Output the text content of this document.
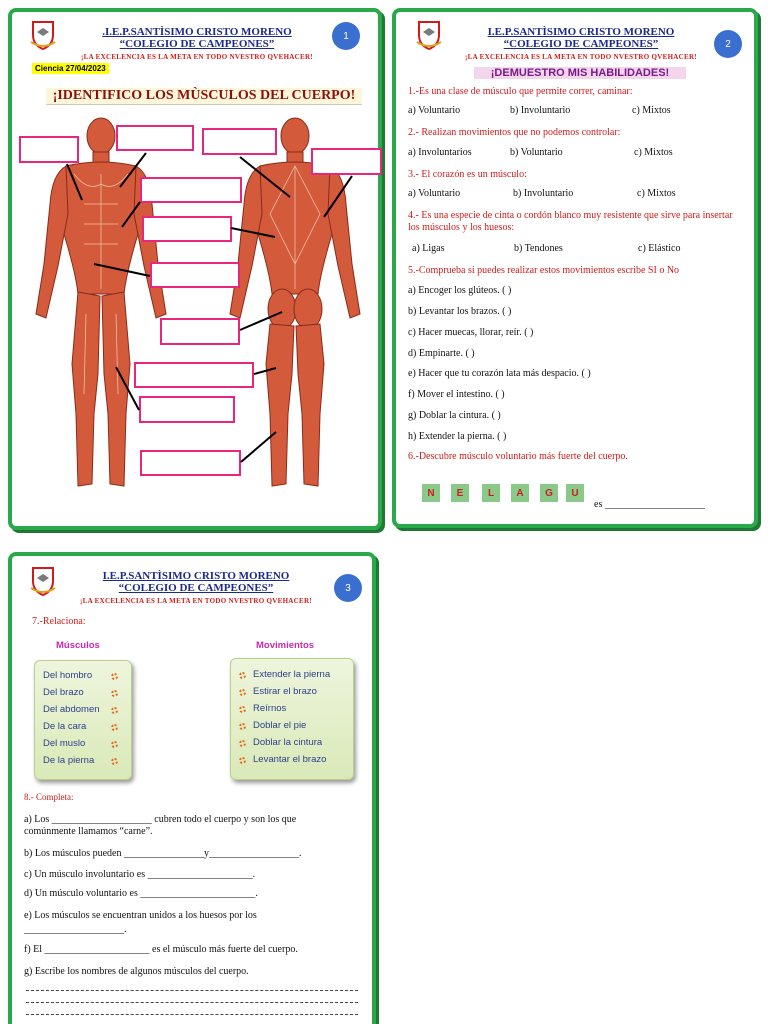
.I.E.P.SANTÌSIMO CRISTO MORENO
“COLEGIO DE CAMPEONES”
¡LA EXCELENCIA ES LA META EN TODO NVESTRO QVEHACER!
1
Ciencia 27/04/2023
¡IDENTIFICO LOS MÙSCULOS DEL CUERPO!
I.E.P.SANTÌSIMO CRISTO MORENO
“COLEGIO DE CAMPEONES”
¡LA EXCELENCIA ES LA META EN TODO NVESTRO QVEHACER!
2
¡DEMUESTRO MIS HABILIDADES!
1.-Es una clase de músculo que permite correr, caminar:
a) Voluntario	b) Involuntario	c) Mixtos
2.- Realizan movimientos que no podemos controlar:
a) Involuntarios	b) Voluntario	c) Mixtos
3.- El corazón es un músculo:
a) Voluntario	b) Involuntario	c) Mixtos
4.- Es una especie de cinta o cordón blanco muy resistente que sirve para insertar los músculos y los huesos:
a) Ligas	b) Tendones	c) Elástico
5.-Comprueba si puedes realizar estos movimientos escribe SI o No
a) Encoger los glúteos. ( )
b) Levantar los brazos. ( )
c) Hacer muecas, llorar, reír. ( )
d) Empinarte. ( )
e) Hacer que tu corazón lata más despacio. ( )
f) Mover el intestino. ( )
g) Doblar la cintura. ( )
h) Extender la pierna. ( )
6.-Descubre músculo voluntario más fuerte del cuerpo.
N	E	L	A	G	U
es ____________________
I.E.P.SANTÌSIMO CRISTO MORENO
“COLEGIO DE CAMPEONES”
¡LA EXCELENCIA ES LA META EN TODO NVESTRO QVEHACER!
3
7.-Relaciona:
Músculos	Movimientos
Del hombro
Del brazo
Del abdomen
De la cara
Del muslo
De la pierna
Extender la pierna
Estirar el brazo
Reírnos
Doblar el pie
Doblar la cintura
Levantar el brazo
8.- Completa:
a) Los ____________________ cubren todo el cuerpo y son los que
comúnmente llamamos “carne”.
b) Los músculos pueden ________________y__________________.
c) Un músculo involuntario es _____________________.
d) Un músculo voluntario es _______________________.
e) Los músculos se encuentran unidos a los huesos por los
____________________.
f) El _____________________ es el músculo más fuerte del cuerpo.
g) Escribe los nombres de algunos músculos del cuerpo.
